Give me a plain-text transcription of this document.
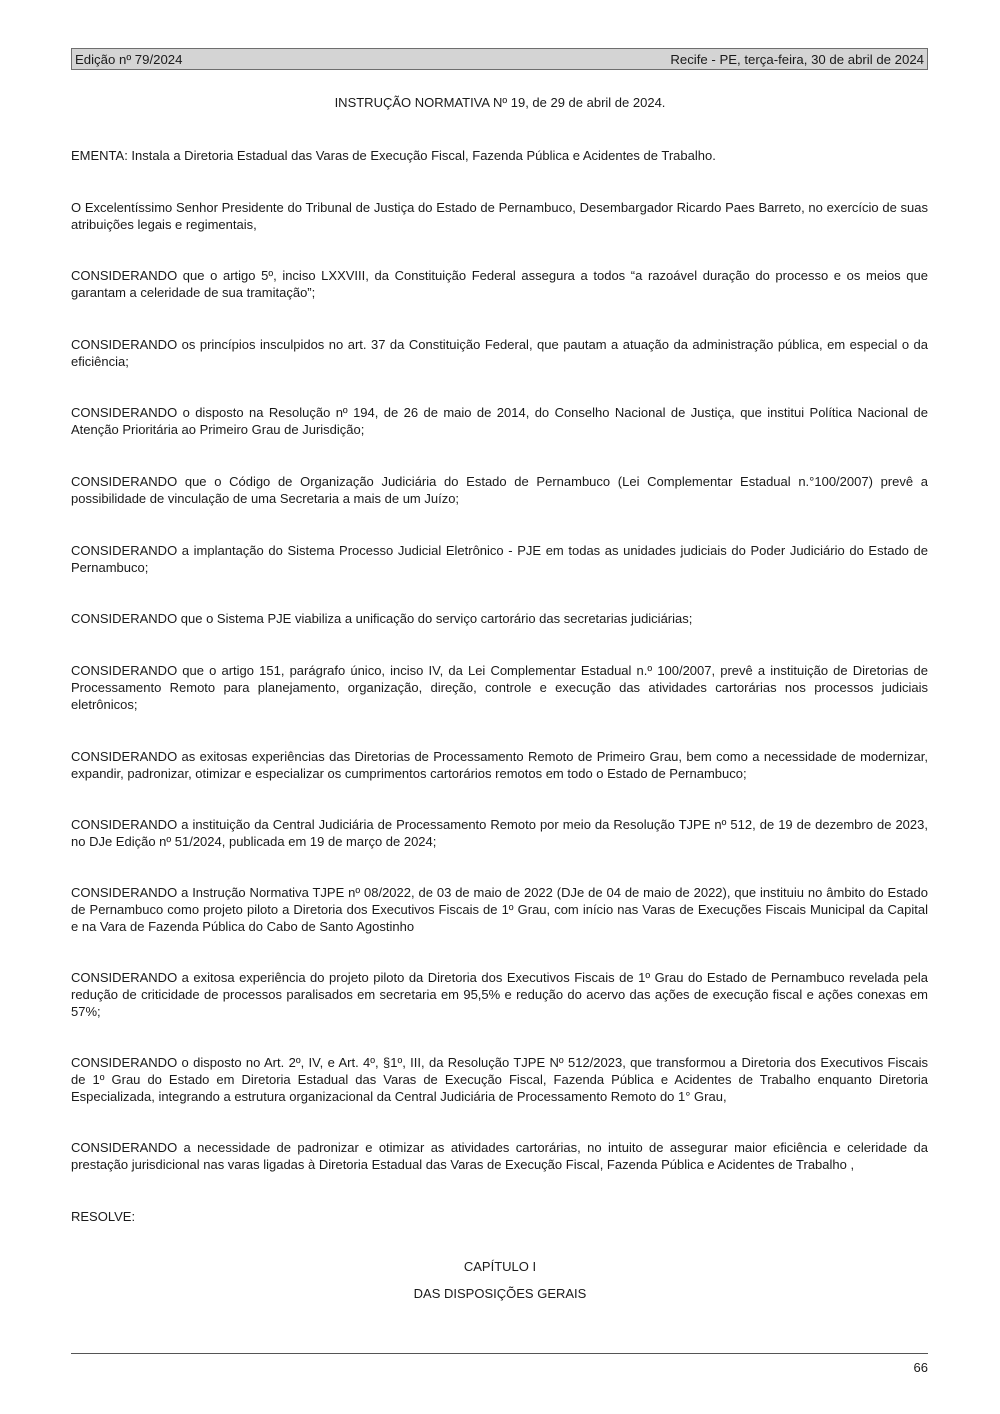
Edição nº 79/2024	Recife - PE, terça-feira, 30 de abril de 2024
INSTRUÇÃO NORMATIVA Nº 19, de 29 de abril de 2024.

EMENTA: Instala a Diretoria Estadual das Varas de Execução Fiscal, Fazenda Pública e Acidentes de Trabalho.

O Excelentíssimo Senhor Presidente do Tribunal de Justiça do Estado de Pernambuco, Desembargador Ricardo Paes Barreto, no exercício de suas atribuições legais e regimentais,

CONSIDERANDO que o artigo 5º, inciso LXXVIII, da Constituição Federal assegura a todos “a razoável duração do processo e os meios que garantam a celeridade de sua tramitação”;

CONSIDERANDO os princípios insculpidos no art. 37 da Constituição Federal, que pautam a atuação da administração pública, em especial o da eficiência;

CONSIDERANDO o disposto na Resolução nº 194, de 26 de maio de 2014, do Conselho Nacional de Justiça, que institui Política Nacional de Atenção Prioritária ao Primeiro Grau de Jurisdição;

CONSIDERANDO que o Código de Organização Judiciária do Estado de Pernambuco (Lei Complementar Estadual n.°100/2007) prevê a possibilidade de vinculação de uma Secretaria a mais de um Juízo;

CONSIDERANDO a implantação do Sistema Processo Judicial Eletrônico - PJE em todas as unidades judiciais do Poder Judiciário do Estado de Pernambuco;

CONSIDERANDO que o Sistema PJE viabiliza a unificação do serviço cartorário das secretarias judiciárias;

CONSIDERANDO que o artigo 151, parágrafo único, inciso IV, da Lei Complementar Estadual n.º 100/2007, prevê a instituição de Diretorias de Processamento Remoto para planejamento, organização, direção, controle e execução das atividades cartorárias nos processos judiciais eletrônicos;

CONSIDERANDO as exitosas experiências das Diretorias de Processamento Remoto de Primeiro Grau, bem como a necessidade de modernizar, expandir, padronizar, otimizar e especializar os cumprimentos cartorários remotos em todo o Estado de Pernambuco;

CONSIDERANDO a instituição da Central Judiciária de Processamento Remoto por meio da Resolução TJPE nº 512, de 19 de dezembro de 2023, no DJe Edição nº 51/2024, publicada em 19 de março de 2024;

CONSIDERANDO a Instrução Normativa TJPE nº 08/2022, de 03 de maio de 2022 (DJe de 04 de maio de 2022), que instituiu no âmbito do Estado de Pernambuco como projeto piloto a Diretoria dos Executivos Fiscais de 1º Grau, com início nas Varas de Execuções Fiscais Municipal da Capital e na Vara de Fazenda Pública do Cabo de Santo Agostinho

CONSIDERANDO a exitosa experiência do projeto piloto da Diretoria dos Executivos Fiscais de 1º Grau do Estado de Pernambuco revelada pela redução de criticidade de processos paralisados em secretaria em 95,5% e redução do acervo das ações de execução fiscal e ações conexas em 57%;

CONSIDERANDO o disposto no Art. 2º, IV, e Art. 4º, §1º, III, da Resolução TJPE Nº 512/2023, que transformou a Diretoria dos Executivos Fiscais de 1º Grau do Estado em Diretoria Estadual das Varas de Execução Fiscal, Fazenda Pública e Acidentes de Trabalho enquanto Diretoria Especializada, integrando a estrutura organizacional da Central Judiciária de Processamento Remoto do 1° Grau,

CONSIDERANDO a necessidade de padronizar e otimizar as atividades cartorárias, no intuito de assegurar maior eficiência e celeridade da prestação jurisdicional nas varas ligadas à Diretoria Estadual das Varas de Execução Fiscal, Fazenda Pública e Acidentes de Trabalho ,

RESOLVE:

CAPÍTULO I
DAS DISPOSIÇÕES GERAIS
66
